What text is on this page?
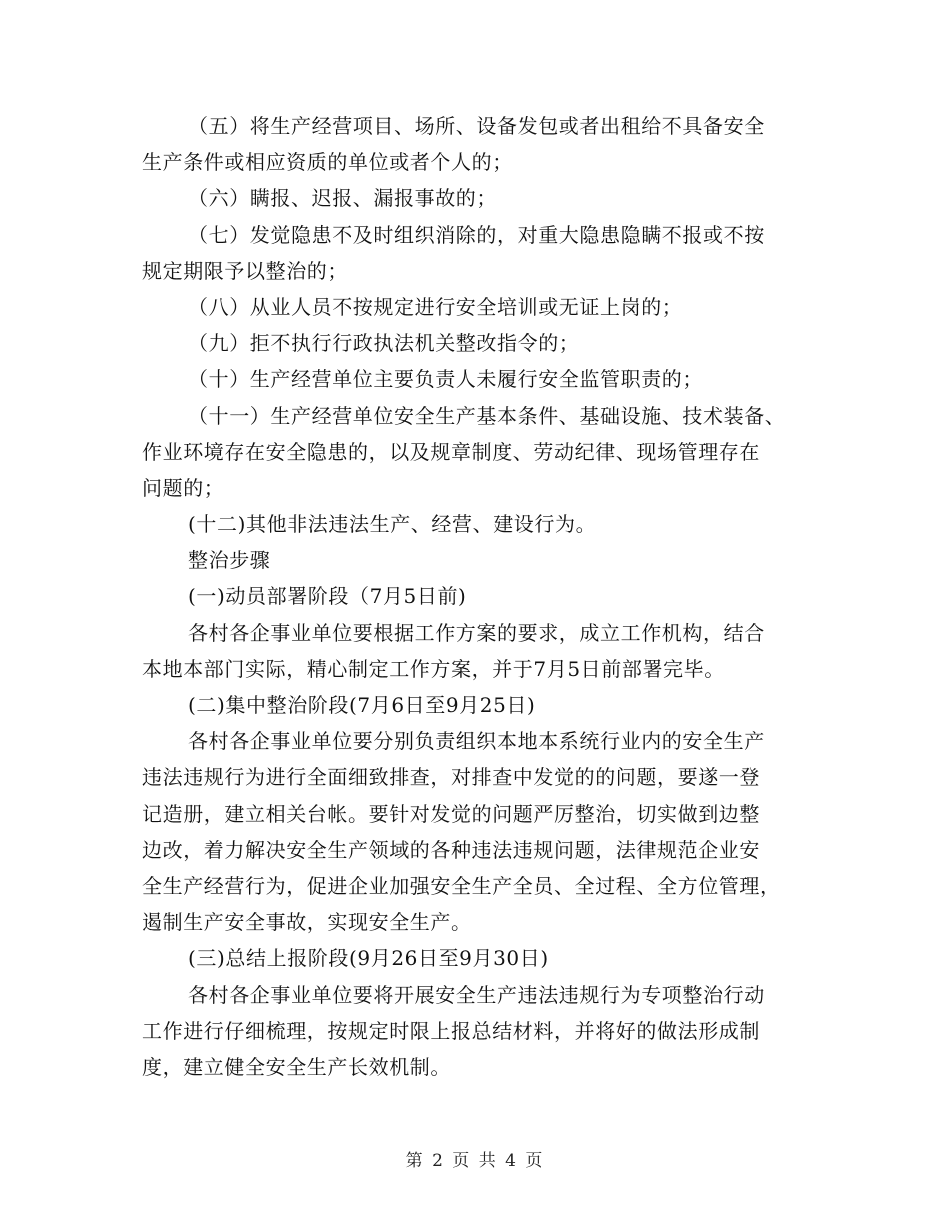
（五）将生产经营项目、场所、设备发包或者出租给不具备安全
生产条件或相应资质的单位或者个人的；
（六）瞒报、迟报、漏报事故的；
（七）发觉隐患不及时组织消除的，对重大隐患隐瞒不报或不按
规定期限予以整治的；
（八）从业人员不按规定进行安全培训或无证上岗的；
（九）拒不执行行政执法机关整改指令的；
（十）生产经营单位主要负责人未履行安全监管职责的；
（十一）生产经营单位安全生产基本条件、基础设施、技术装备、
作业环境存在安全隐患的，以及规章制度、劳动纪律、现场管理存在
问题的；
(十二)其他非法违法生产、经营、建设行为。
整治步骤
(一)动员部署阶段（7月5日前)
各村各企事业单位要根据工作方案的要求，成立工作机构，结合
本地本部门实际，精心制定工作方案，并于7月5日前部署完毕。
(二)集中整治阶段(7月6日至9月25日)
各村各企事业单位要分别负责组织本地本系统行业内的安全生产
违法违规行为进行全面细致排查，对排查中发觉的的问题，要遂一登
记造册，建立相关台帐。要针对发觉的问题严厉整治，切实做到边整
边改，着力解决安全生产领域的各种违法违规问题，法律规范企业安
全生产经营行为，促进企业加强安全生产全员、全过程、全方位管理，
遏制生产安全事故，实现安全生产。
(三)总结上报阶段(9月26日至9月30日)
各村各企事业单位要将开展安全生产违法违规行为专项整治行动
工作进行仔细梳理，按规定时限上报总结材料，并将好的做法形成制
度，建立健全安全生产长效机制。
第 2 页 共 4 页
